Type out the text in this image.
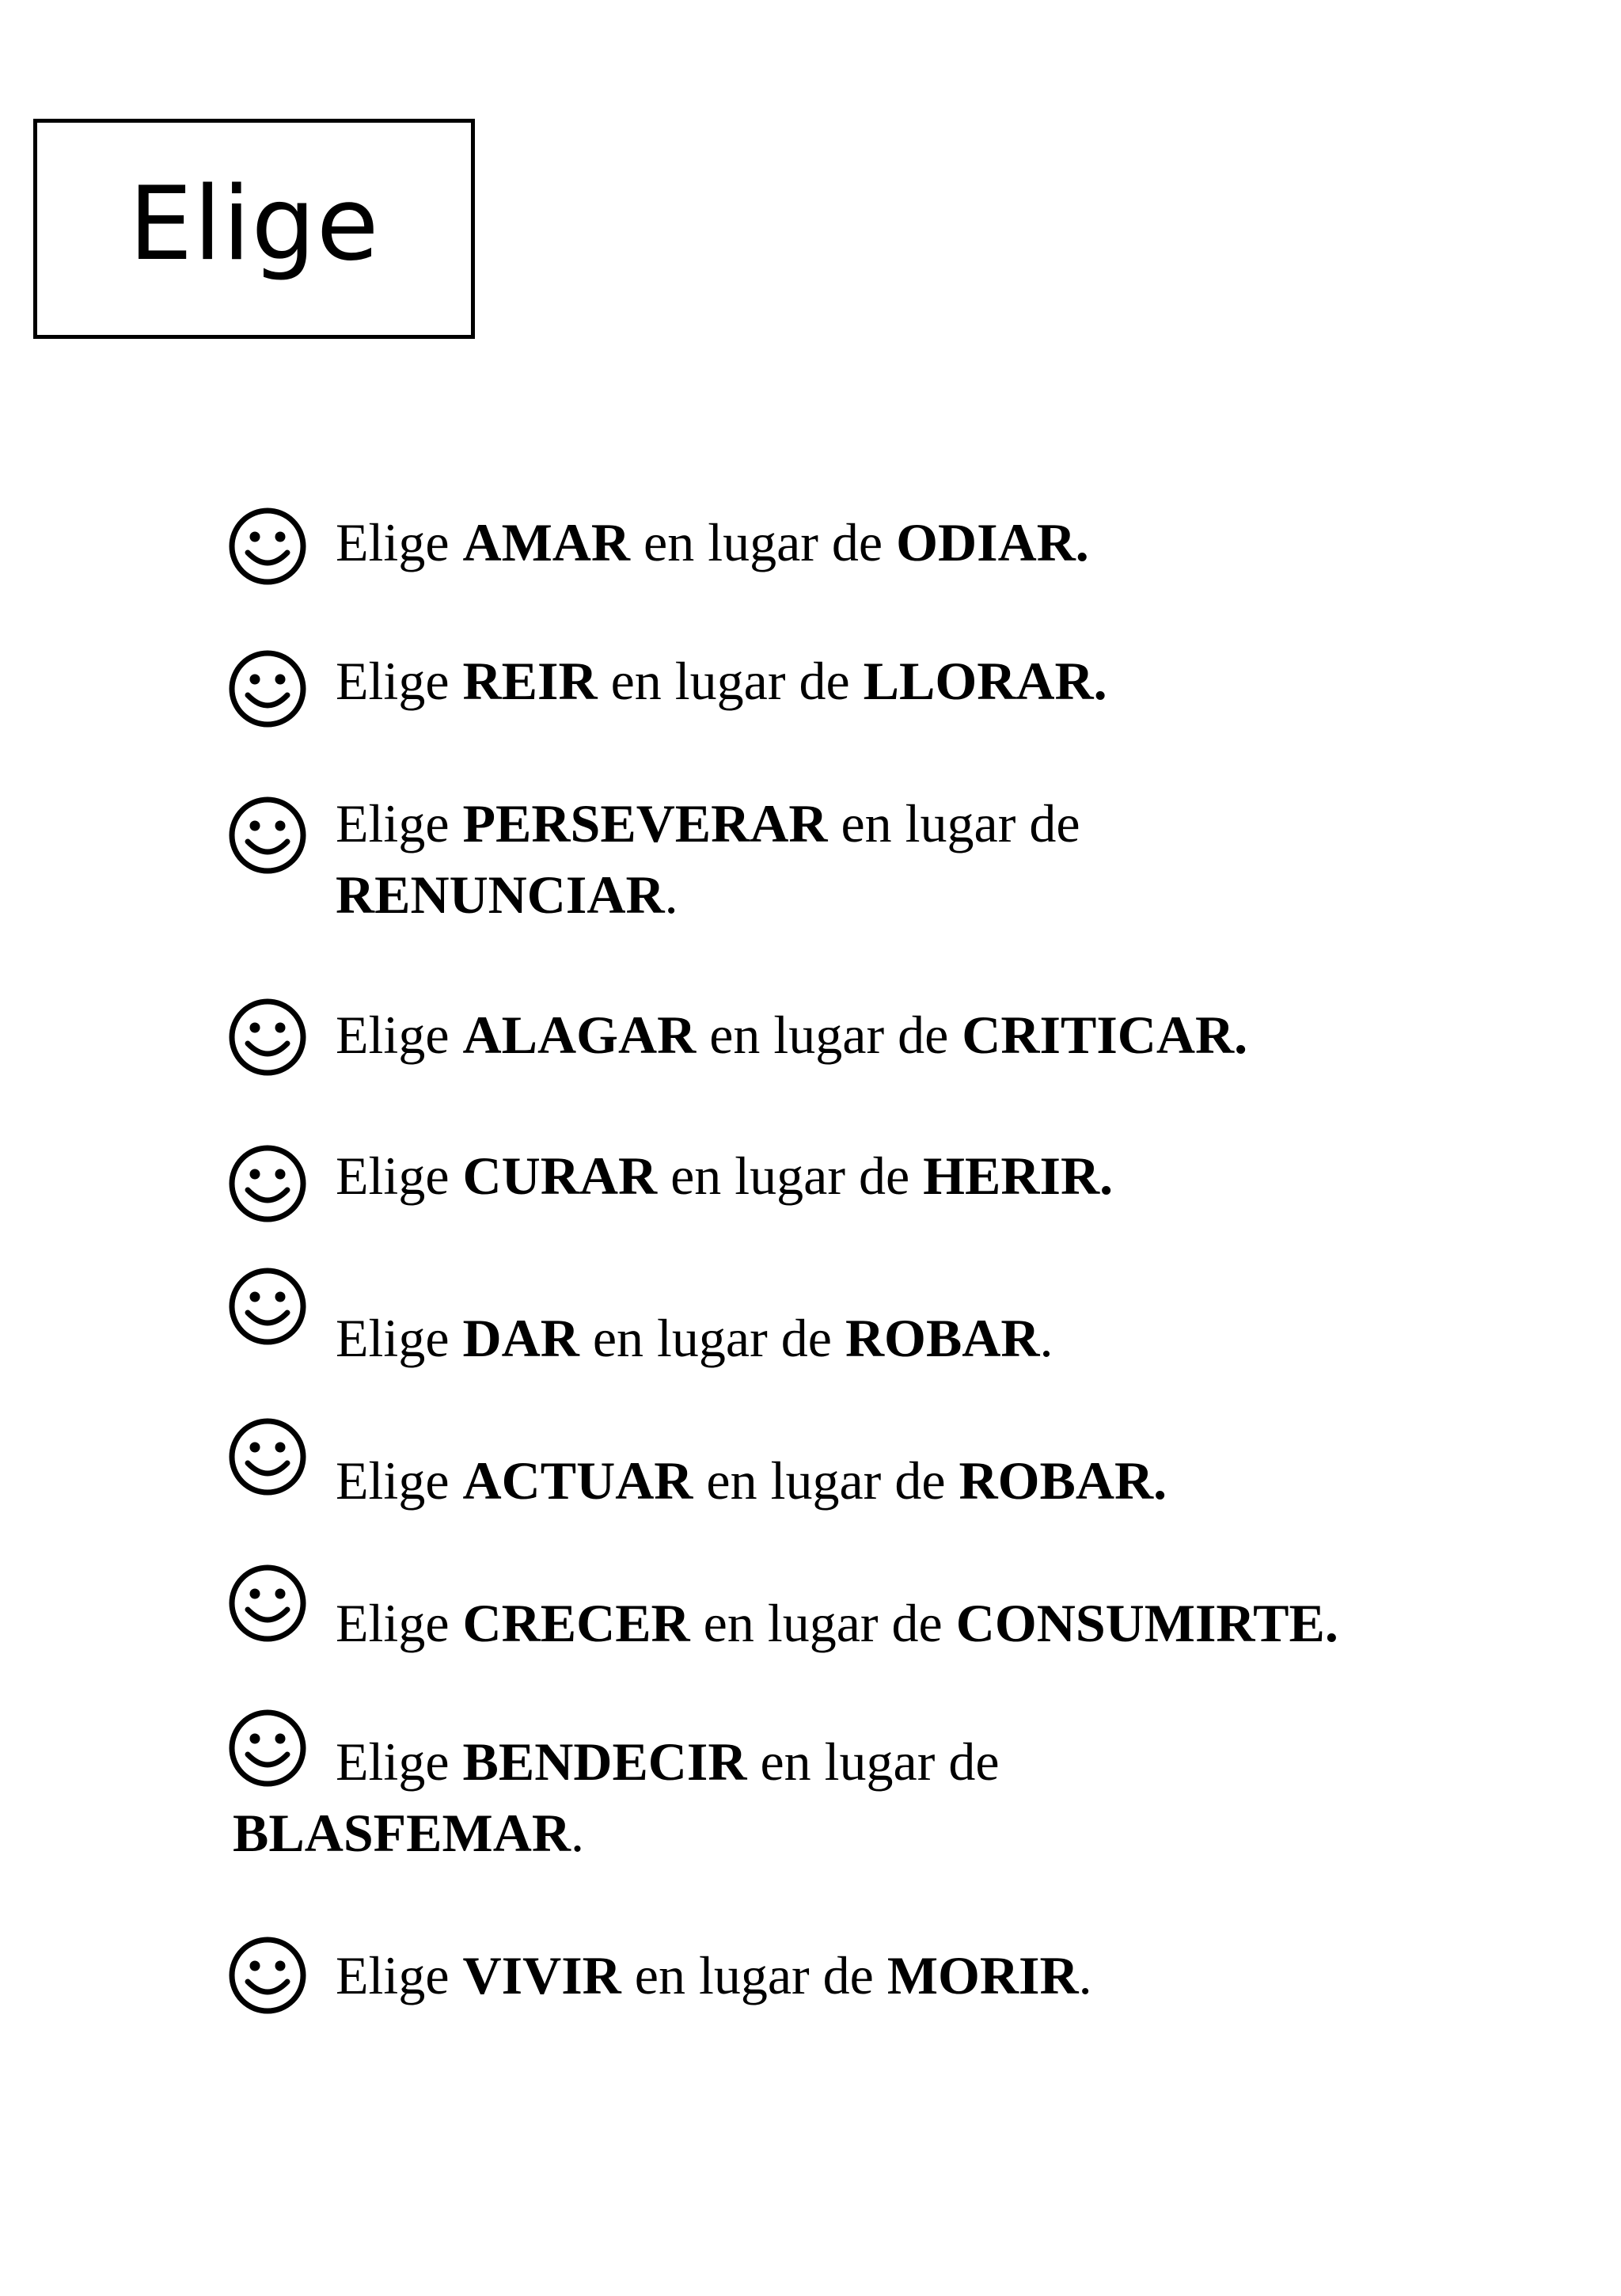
Elige
Elige AMAR en lugar de ODIAR.
Elige REIR en lugar de LLORAR.
Elige PERSEVERAR en lugar de
RENUNCIAR.
Elige ALAGAR en lugar de CRITICAR.
Elige CURAR en lugar de HERIR.
Elige DAR en lugar de ROBAR.
Elige ACTUAR en lugar de ROBAR.
Elige CRECER en lugar de CONSUMIRTE.
Elige BENDECIR en lugar de
BLASFEMAR.
Elige VIVIR en lugar de MORIR.
